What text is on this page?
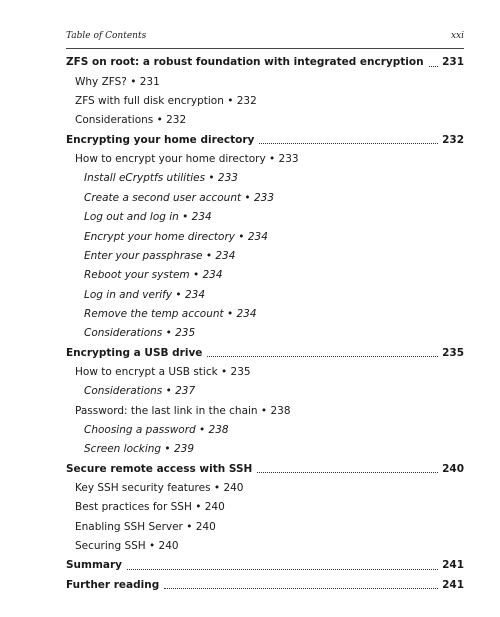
Table of Contents	xxi
ZFS on root: a robust foundation with integrated encryption 231
Why ZFS? • 231
ZFS with full disk encryption • 232
Considerations • 232
Encrypting your home directory	232
How to encrypt your home directory • 233
Install eCryptfs utilities • 233
Create a second user account • 233
Log out and log in • 234
Encrypt your home directory • 234
Enter your passphrase • 234
Reboot your system • 234
Log in and verify • 234
Remove the temp account • 234
Considerations • 235
Encrypting a USB drive	235
How to encrypt a USB stick • 235
Considerations • 237
Password: the last link in the chain • 238
Choosing a password • 238
Screen locking • 239
Secure remote access with SSH	240
Key SSH security features • 240
Best practices for SSH • 240
Enabling SSH Server • 240
Securing SSH • 240
Summary	241
Further reading	241
